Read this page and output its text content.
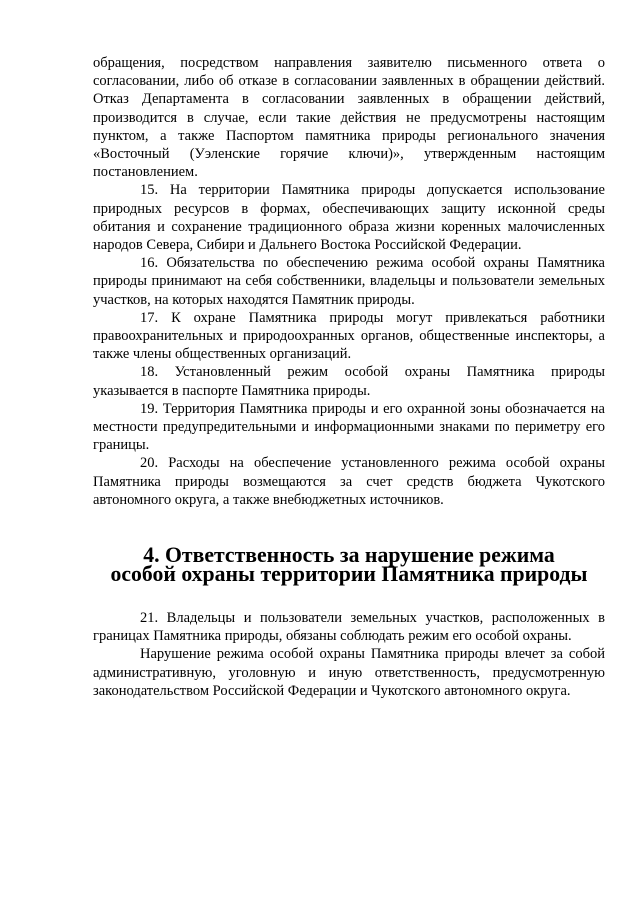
обращения, посредством направления заявителю письменного ответа о согласовании, либо об отказе в согласовании заявленных в обращении действий. Отказ Департамента в согласовании заявленных в обращении действий, производится в случае, если такие действия не предусмотрены настоящим пунктом, а также Паспортом памятника природы регионального значения «Восточный (Уэленские горячие ключи)», утвержденным настоящим постановлением.

15. На территории Памятника природы допускается использование природных ресурсов в формах, обеспечивающих защиту исконной среды обитания и сохранение традиционного образа жизни коренных малочисленных народов Севера, Сибири и Дальнего Востока Российской Федерации.

16. Обязательства по обеспечению режима особой охраны Памятника природы принимают на себя собственники, владельцы и пользователи земельных участков, на которых находятся Памятник природы.

17. К охране Памятника природы могут привлекаться работники правоохранительных и природоохранных органов, общественные инспекторы, а также члены общественных организаций.

18. Установленный режим особой охраны Памятника природы указывается в паспорте Памятника природы.

19. Территория Памятника природы и его охранной зоны обозначается на местности предупредительными и информационными знаками по периметру его границы.

20. Расходы на обеспечение установленного режима особой охраны Памятника природы возмещаются за счет средств бюджета Чукотского автономного округа, а также внебюджетных источников.

4. Ответственность за нарушение режима
особой охраны территории Памятника природы

21. Владельцы и пользователи земельных участков, расположенных в границах Памятника природы, обязаны соблюдать режим его особой охраны.

Нарушение режима особой охраны Памятника природы влечет за собой административную, уголовную и иную ответственность, предусмотренную законодательством Российской Федерации и Чукотского автономного округа.
